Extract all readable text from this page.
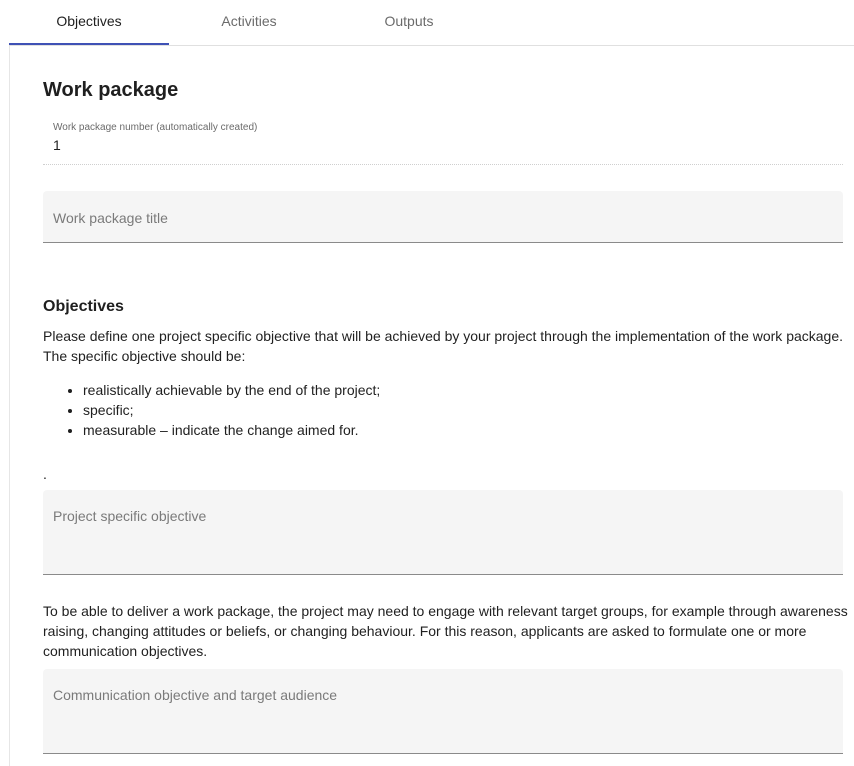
Objectives	Activities	Outputs
Work package
Work package number (automatically created)
1
Work package title
Objectives

Please define one project specific objective that will be achieved by your project through the implementation of the work package. The specific objective should be:

• realistically achievable by the end of the project;
• specific;
• measurable – indicate the change aimed for.
.
Project specific objective

To be able to deliver a work package, the project may need to engage with relevant target groups, for example through awareness raising, changing attitudes or beliefs, or changing behaviour. For this reason, applicants are asked to formulate one or more communication objectives.

Communication objective and target audience
